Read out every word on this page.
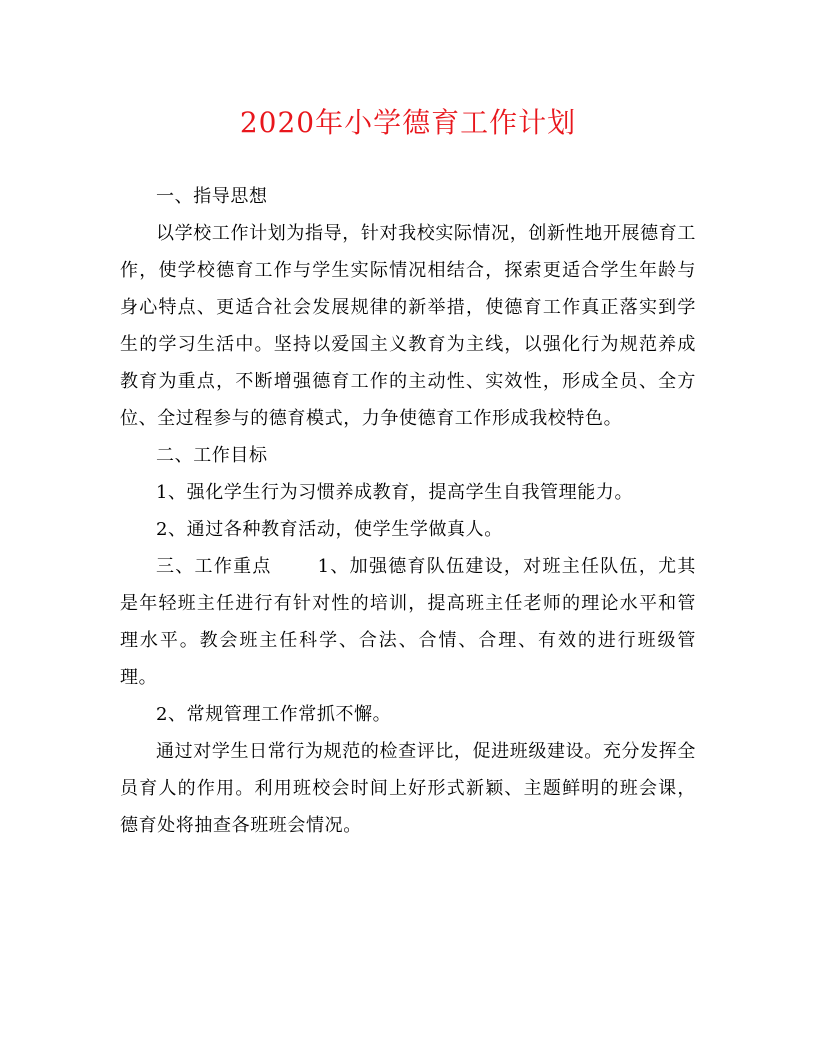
2020年小学德育工作计划

一、指导思想

以学校工作计划为指导，针对我校实际情况，创新性地开展德育工作，使学校德育工作与学生实际情况相结合，探索更适合学生年龄与身心特点、更适合社会发展规律的新举措，使德育工作真正落实到学生的学习生活中。坚持以爱国主义教育为主线，以强化行为规范养成教育为重点，不断增强德育工作的主动性、实效性，形成全员、全方位、全过程参与的德育模式，力争使德育工作形成我校特色。

二、工作目标

1、强化学生行为习惯养成教育，提高学生自我管理能力。

2、通过各种教育活动，使学生学做真人。

三、工作重点	1、加强德育队伍建设，对班主任队伍，尤其是年轻班主任进行有针对性的培训，提高班主任老师的理论水平和管理水平。教会班主任科学、合法、合情、合理、有效的进行班级管理。

2、常规管理工作常抓不懈。

通过对学生日常行为规范的检查评比，促进班级建设。充分发挥全员育人的作用。利用班校会时间上好形式新颖、主题鲜明的班会课，德育处将抽查各班班会情况。
